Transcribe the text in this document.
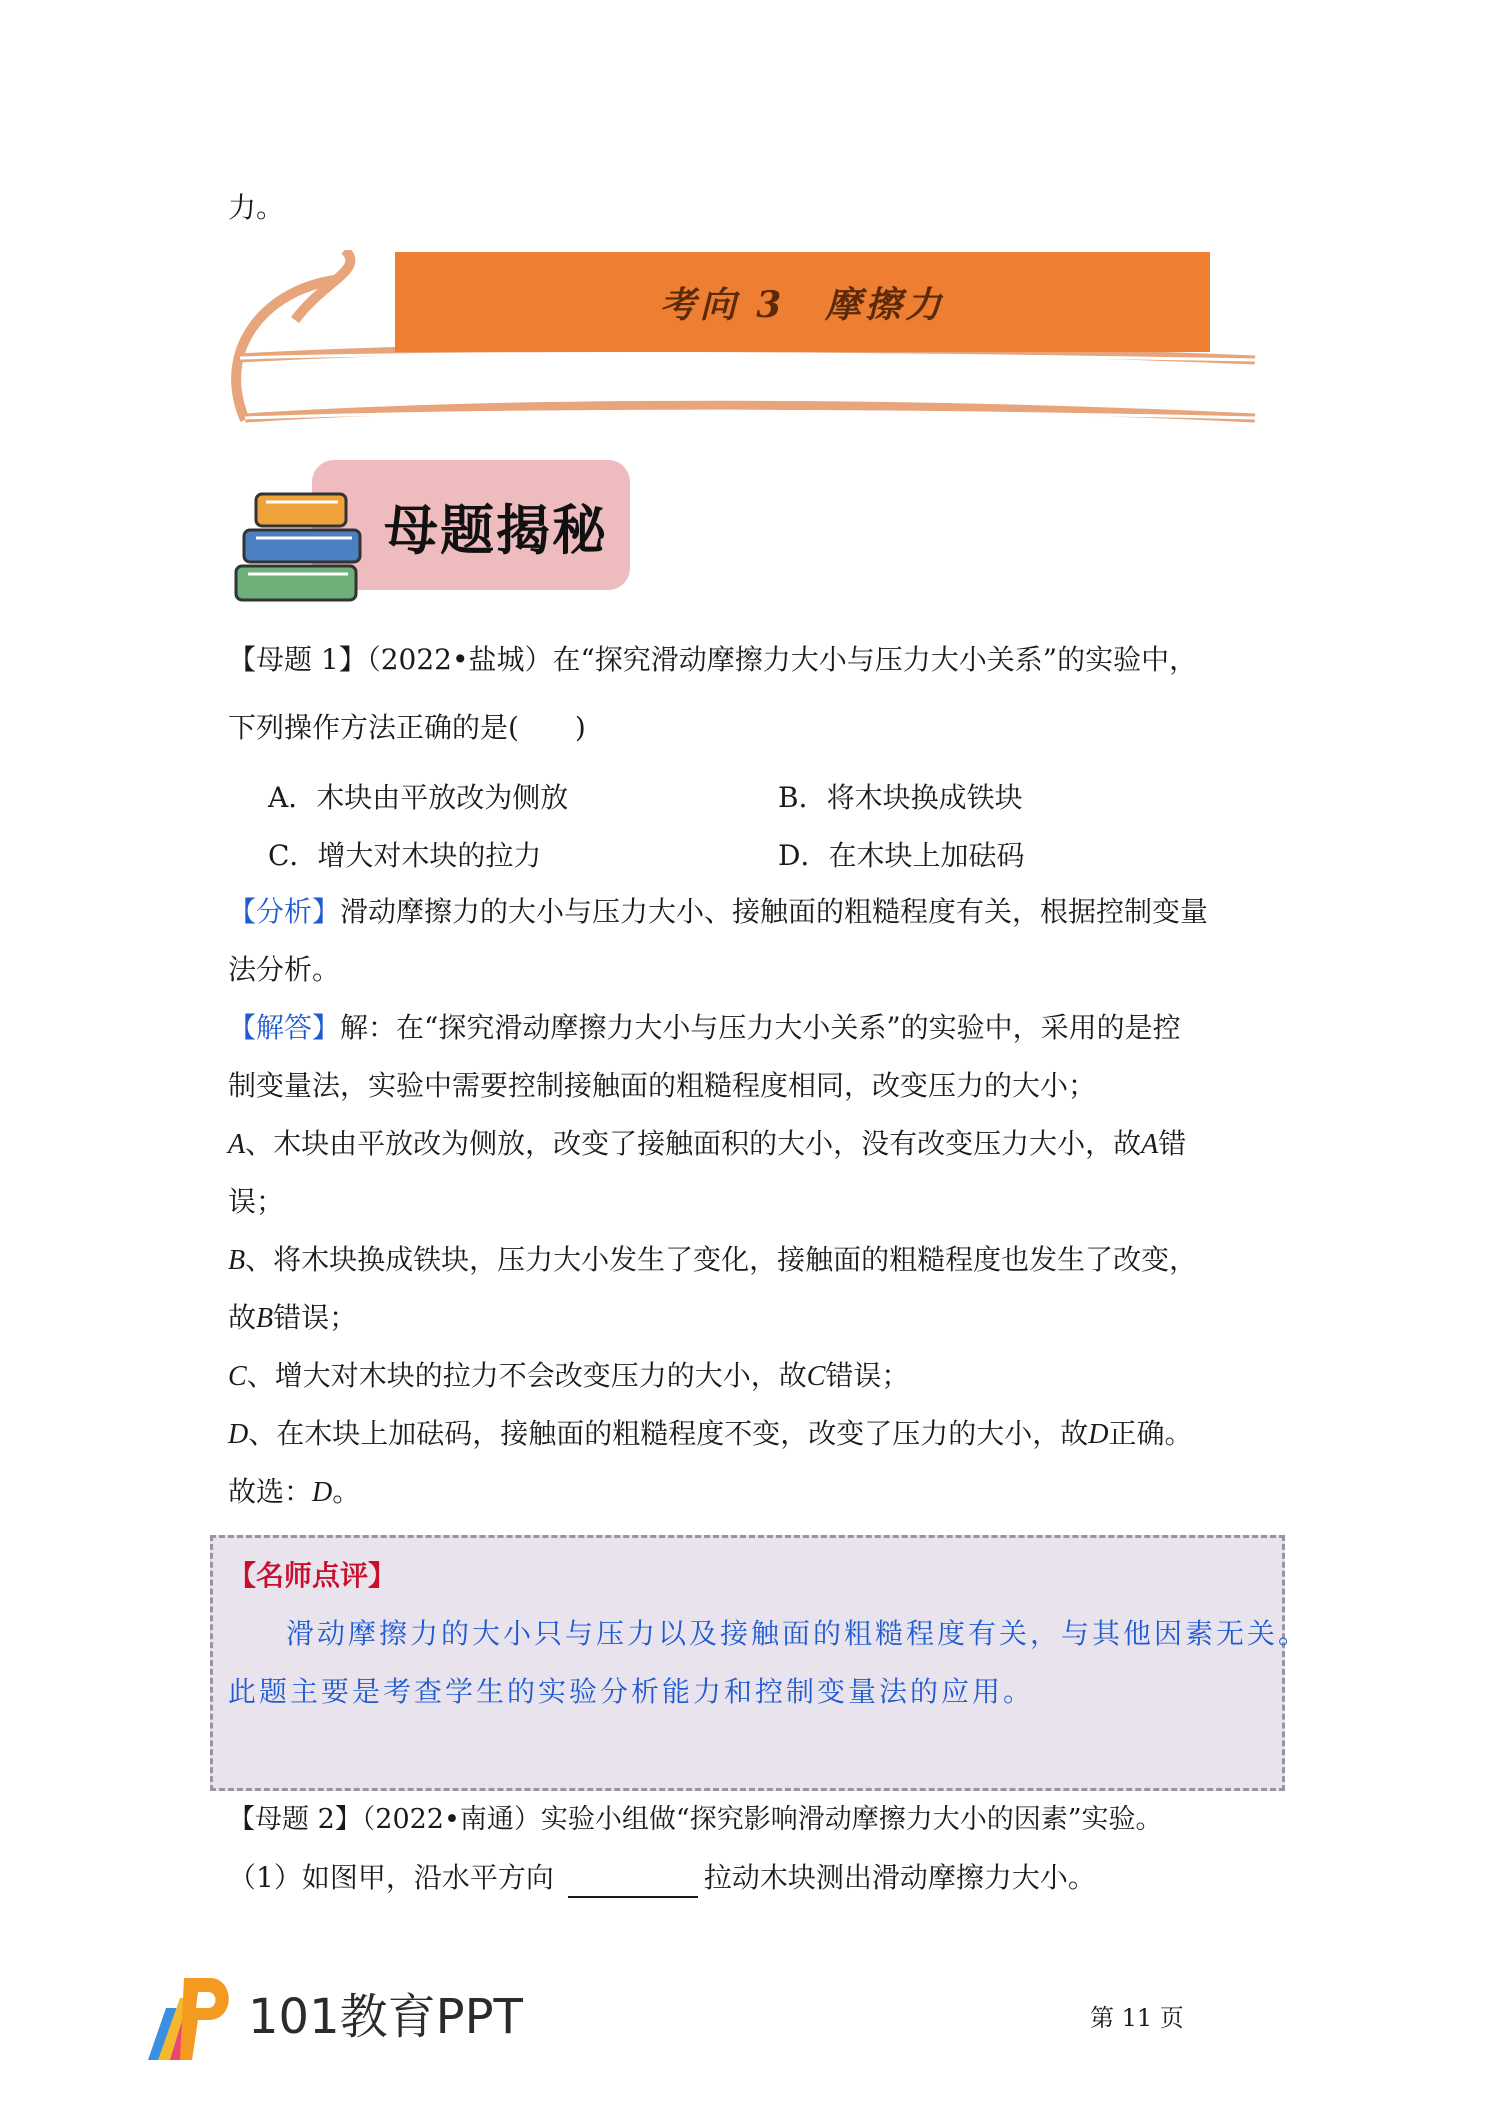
力。
考向 3　摩擦力
母题揭秘
【母题 1】（2022•盐城）在“探究滑动摩擦力大小与压力大小关系”的实验中，
下列操作方法正确的是(　　)
A．木块由平放改为侧放	B．将木块换成铁块
C．增大对木块的拉力	D．在木块上加砝码
【分析】滑动摩擦力的大小与压力大小、接触面的粗糙程度有关，根据控制变量
法分析。
【解答】解：在“探究滑动摩擦力大小与压力大小关系”的实验中，采用的是控
制变量法，实验中需要控制接触面的粗糙程度相同，改变压力的大小；
A、木块由平放改为侧放，改变了接触面积的大小，没有改变压力大小，故A错
误；
B、将木块换成铁块，压力大小发生了变化，接触面的粗糙程度也发生了改变，
故B错误；
C、增大对木块的拉力不会改变压力的大小，故C错误；
D、在木块上加砝码，接触面的粗糙程度不变，改变了压力的大小，故D正确。
故选：D。
【名师点评】
滑动摩擦力的大小只与压力以及接触面的粗糙程度有关，与其他因素无关。
此题主要是考查学生的实验分析能力和控制变量法的应用。
【母题 2】（2022•南通）实验小组做“探究影响滑动摩擦力大小的因素”实验。
（1）如图甲，沿水平方向	拉动木块测出滑动摩擦力大小。
101教育PPT	第 11 页
